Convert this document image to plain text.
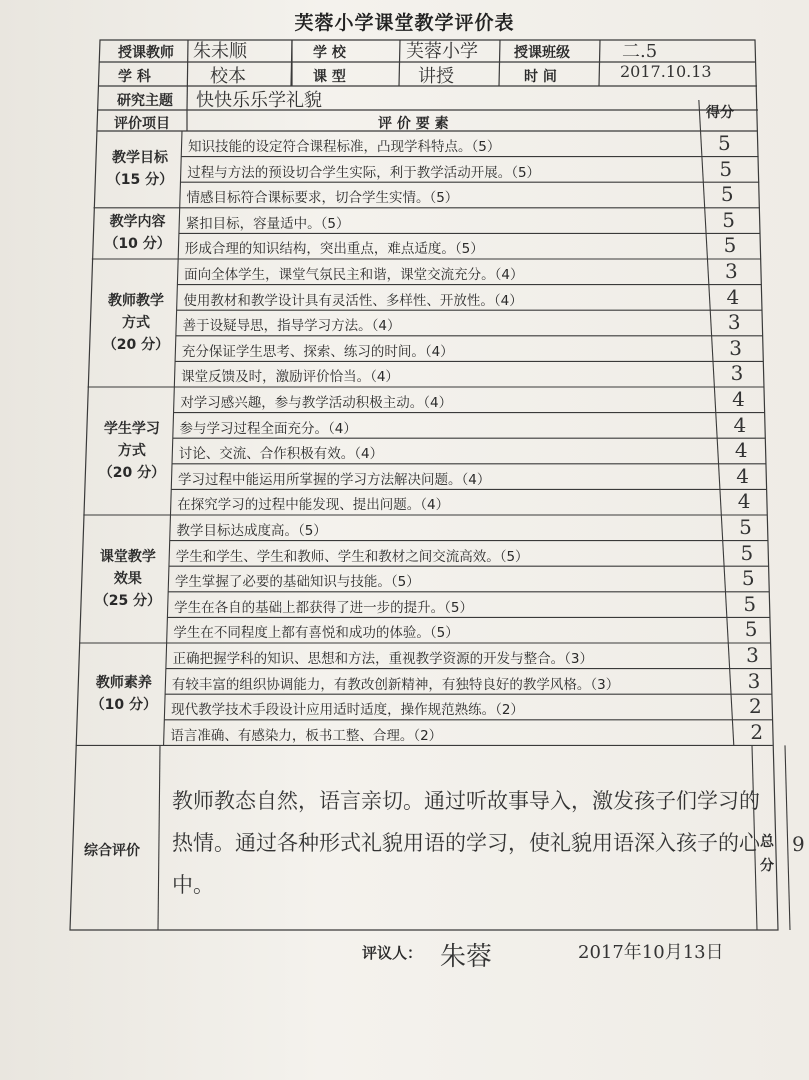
芙蓉小学课堂教学评价表
授课教师 朱未顺	学 校	芙蓉小学	授课班级	二.5
学 科	校本	课 型	讲授	时 间	2017.10.13
研究主题 快快乐乐学礼貌
评价项目	评 价 要 素
得分
教学目标
（15 分）
知识技能的设定符合课程标准，凸现学科特点。（5）	5
过程与方法的预设切合学生实际，利于教学活动开展。（5）	5
情感目标符合课标要求，切合学生实情。（5）	5
教学内容
（10 分）
紧扣目标，容量适中。（5）	5
形成合理的知识结构，突出重点，难点适度。（5）	5
教师教学
方式
（20 分）
面向全体学生，课堂气氛民主和谐，课堂交流充分。（4）	3
使用教材和教学设计具有灵活性、多样性、开放性。（4）	4
善于设疑导思，指导学习方法。（4）	3
充分保证学生思考、探索、练习的时间。（4）	3
课堂反馈及时，激励评价恰当。（4）	3
学生学习
方式
（20 分）
对学习感兴趣，参与教学活动积极主动。（4）	4
参与学习过程全面充分。（4）	4
讨论、交流、合作积极有效。（4）	4
学习过程中能运用所掌握的学习方法解决问题。（4）	4
在探究学习的过程中能发现、提出问题。（4）	4
课堂教学
效果
（25 分）
教学目标达成度高。（5）	5
学生和学生、学生和教师、学生和教材之间交流高效。（5）	5
学生掌握了必要的基础知识与技能。（5）	5
学生在各自的基础上都获得了进一步的提升。（5）	5
学生在不同程度上都有喜悦和成功的体验。（5）	5
教师素养
（10 分）
正确把握学科的知识、思想和方法，重视教学资源的开发与整合。（3）	3
有较丰富的组织协调能力，有教改创新精神，有独特良好的教学风格。（3）	3
现代教学技术手段设计应用适时适度，操作规范熟练。（2）	2
语言准确、有感染力，板书工整、合理。（2）	2
综合评价
教师教态自然，语言亲切。通过听故事导入，激发孩子们学习的热情。通过各种形式礼貌用语的学习，使礼貌用语深入孩子的心中。
总分
9
评议人： 朱蓉	2017年10月13日
